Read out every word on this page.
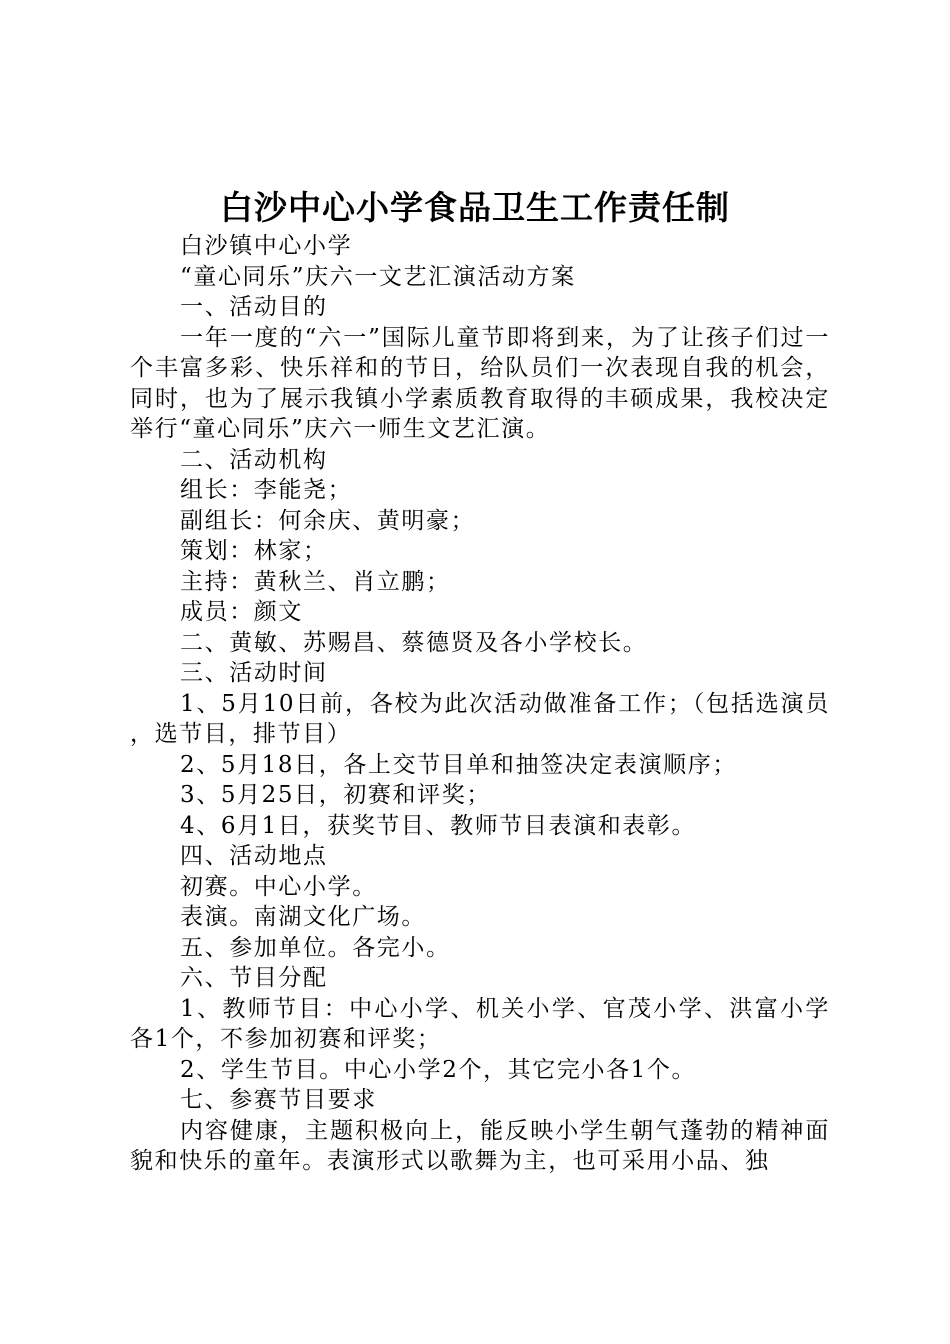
白沙中心小学食品卫生工作责任制

白沙镇中心小学

“童心同乐”庆六一文艺汇演活动方案

一、活动目的

一年一度的“六一”国际儿童节即将到来，为了让孩子们过一个丰富多彩、快乐祥和的节日，给队员们一次表现自我的机会，同时，也为了展示我镇小学素质教育取得的丰硕成果，我校决定举行“童心同乐”庆六一师生文艺汇演。

二、活动机构

组长：李能尧；

副组长：何余庆、黄明豪；

策划：林家；

主持：黄秋兰、肖立鹏；

成员：颜文

二、黄敏、苏赐昌、蔡德贤及各小学校长。

三、活动时间

1、5月10日前，各校为此次活动做准备工作；（包括选演员，选节目，排节目）

2、5月18日，各上交节目单和抽签决定表演顺序；

3、5月25日，初赛和评奖；

4、6月1日，获奖节目、教师节目表演和表彰。

四、活动地点

初赛。中心小学。

表演。南湖文化广场。

五、参加单位。各完小。

六、节目分配

1、教师节目：中心小学、机关小学、官茂小学、洪富小学各1个，不参加初赛和评奖；

2、学生节目。中心小学2个，其它完小各1个。

七、参赛节目要求

内容健康，主题积极向上，能反映小学生朝气蓬勃的精神面貌和快乐的童年。表演形式以歌舞为主，也可采用小品、独
